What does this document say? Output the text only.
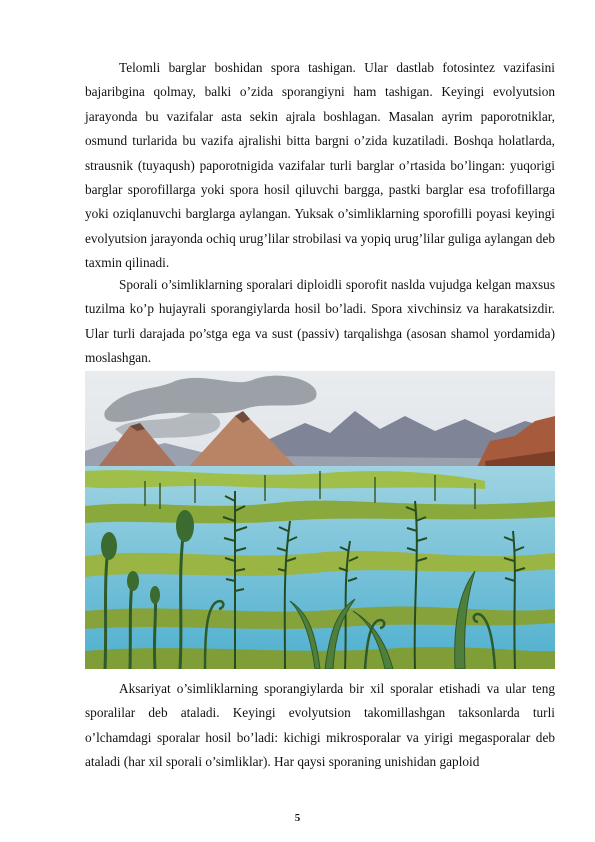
Telomli barglar boshidan spora tashigan. Ular dastlab fotosintez vazifasini bajaribgina qolmay, balki o’zida sporangiyni ham tashigan. Keyingi evolyutsion jarayonda bu vazifalar asta sekin ajrala boshlagan. Masalan ayrim paporotniklar, osmund turlarida bu vazifa ajralishi bitta bargni o’zida kuzatiladi. Boshqa holatlarda, strausnik (tuyaqush) paporotnigida vazifalar turli barglar o’rtasida bo’lingan: yuqorigi barglar sporofillarga yoki spora hosil qiluvchi bargga, pastki barglar esa trofofillarga yoki oziqlanuvchi barglarga aylangan. Yuksak o’simliklarning sporofilli poyasi keyingi evolyutsion jarayonda ochiq urug’lilar strobilasi va yopiq urug’lilar guliga aylangan deb taxmin qilinadi.

Sporali o’simliklarning sporalari diploidli sporofit naslda vujudga kelgan maxsus tuzilma ko’p hujayrali sporangiylarda hosil bo’ladi. Spora xivchinsiz va harakatsizdir. Ular turli darajada po’stga ega va sust (passiv) tarqalishga (asosan shamol yordamida) moslashgan.

Aksariyat o’simliklarning sporangiylarda bir xil sporalar etishadi va ular teng sporalilar deb ataladi. Keyingi evolyutsion takomillashgan taksonlarda turli o’lchamdagi sporalar hosil bo’ladi: kichigi mikrosporalar va yirigi megasporalar deb ataladi (har xil sporali o’simliklar). Har qaysi sporaning unishidan gaploid

5
